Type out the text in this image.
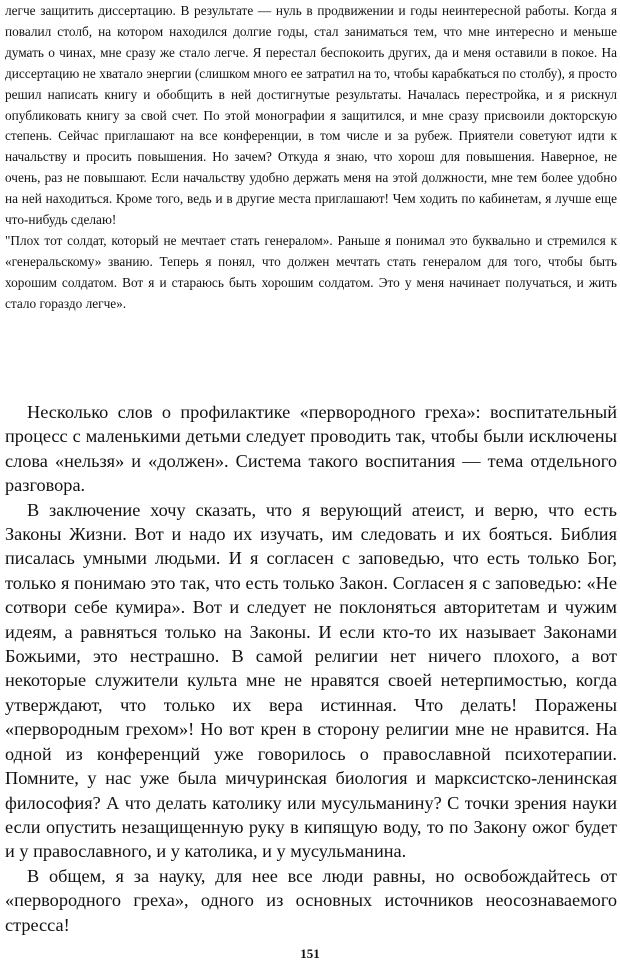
легче защитить диссертацию. В результате — нуль в продвижении и годы неинтересной работы. Когда я повалил столб, на котором находился долгие годы, стал заниматься тем, что мне интересно и меньше думать о чинах, мне сразу же стало легче. Я перестал беспокоить других, да и меня оставили в покое. На диссертацию не хватало энергии (слишком много ее затратил на то, чтобы карабкаться по столбу), я просто решил написать книгу и обобщить в ней достигнутые результаты. Началась перестройка, и я рискнул опубликовать книгу за свой счет. По этой монографии я защитился, и мне сразу присвоили докторскую степень. Сейчас приглашают на все конференции, в том числе и за рубеж. Приятели советуют идти к начальству и просить повышения. Но зачем? Откуда я знаю, что хорош для повышения. Наверное, не очень, раз не повышают. Если начальству удобно держать меня на этой должности, мне тем более удобно на ней находиться. Кроме того, ведь и в другие места приглашают! Чем ходить по кабинетам, я лучше еще что-нибудь сделаю!

"Плох тот солдат, который не мечтает стать генералом». Раньше я понимал это буквально и стремился к «генеральскому» званию. Теперь я понял, что должен мечтать стать генералом для того, чтобы быть хорошим солдатом. Вот я и стараюсь быть хорошим солдатом. Это у меня начинает получаться, и жить стало гораздо легче».

Несколько слов о профилактике «первородного греха»: воспитательный процесс с маленькими детьми следует проводить так, чтобы были исключены слова «нельзя» и «должен». Система такого воспитания — тема отдельного разговора.

В заключение хочу сказать, что я верующий атеист, и верю, что есть Законы Жизни. Вот и надо их изучать, им следовать и их бояться. Библия писалась умными людьми. И я согласен с заповедью, что есть только Бог, только я понимаю это так, что есть только Закон. Согласен я с заповедью: «Не сотвори себе кумира». Вот и следует не поклоняться авторитетам и чужим идеям, а равняться только на Законы. И если кто-то их называет Законами Божьими, это нестрашно. В самой религии нет ничего плохого, а вот некоторые служители культа мне не нравятся своей нетерпимостью, когда утверждают, что только их вера истинная. Что делать! Поражены «первородным грехом»! Но вот крен в сторону религии мне не нравится. На одной из конференций уже говорилось о православной психотерапии. Помните, у нас уже была мичуринская биология и марксистско-ленинская философия? А что делать католику или мусульманину? С точки зрения науки если опустить незащищенную руку в кипящую воду, то по Закону ожог будет и у православного, и у католика, и у мусульманина.

В общем, я за науку, для нее все люди равны, но освобождайтесь от «первородного греха», одного из основных источников неосознаваемого стресса!

151
